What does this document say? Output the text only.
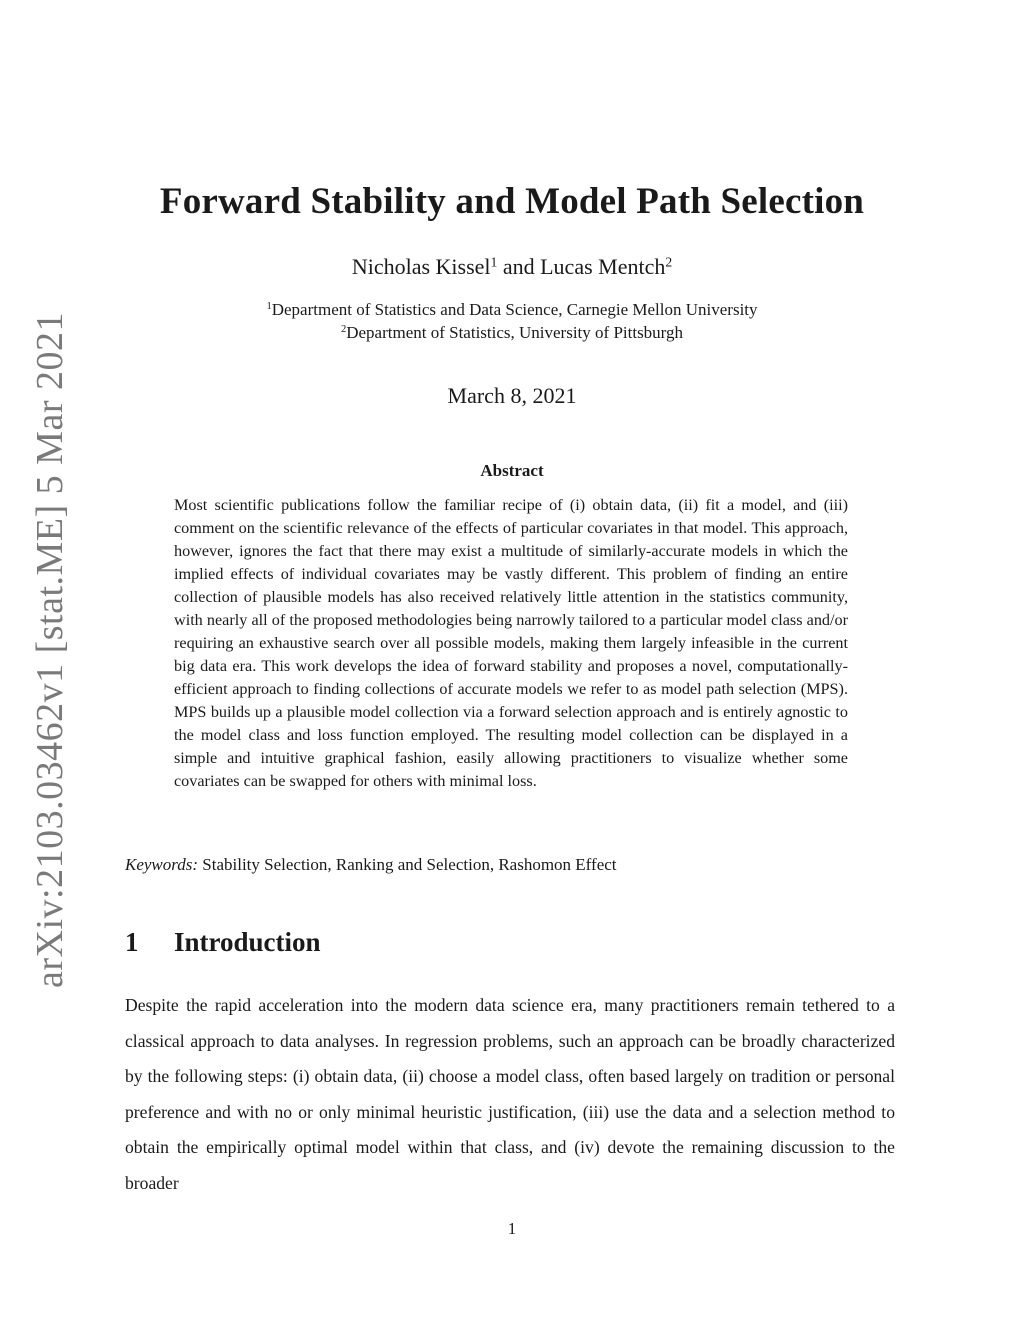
arXiv:2103.03462v1 [stat.ME] 5 Mar 2021
Forward Stability and Model Path Selection
Nicholas Kissel$^1$ and Lucas Mentch$^2$
$^1$Department of Statistics and Data Science, Carnegie Mellon University
$^2$Department of Statistics, University of Pittsburgh
March 8, 2021
Abstract

Most scientific publications follow the familiar recipe of (i) obtain data, (ii) fit a model, and (iii) comment on the scientific relevance of the effects of particular covariates in that model. This approach, however, ignores the fact that there may exist a multitude of similarly-accurate models in which the implied effects of individual covariates may be vastly different. This problem of finding an entire collection of plausible models has also received relatively little attention in the statistics community, with nearly all of the proposed methodologies being narrowly tailored to a particular model class and/or requiring an exhaustive search over all possible models, making them largely infeasible in the current big data era. This work develops the idea of forward stability and proposes a novel, computationally-efficient approach to finding collections of accurate models we refer to as model path selection (MPS). MPS builds up a plausible model collection via a forward selection approach and is entirely agnostic to the model class and loss function employed. The resulting model collection can be displayed in a simple and intuitive graphical fashion, easily allowing practitioners to visualize whether some covariates can be swapped for others with minimal loss.

Keywords: Stability Selection, Ranking and Selection, Rashomon Effect
1 Introduction

Despite the rapid acceleration into the modern data science era, many practitioners remain tethered to a classical approach to data analyses. In regression problems, such an approach can be broadly characterized by the following steps: (i) obtain data, (ii) choose a model class, often based largely on tradition or personal preference and with no or only minimal heuristic justification, (iii) use the data and a selection method to obtain the empirically optimal model within that class, and (iv) devote the remaining discussion to the broader

1
